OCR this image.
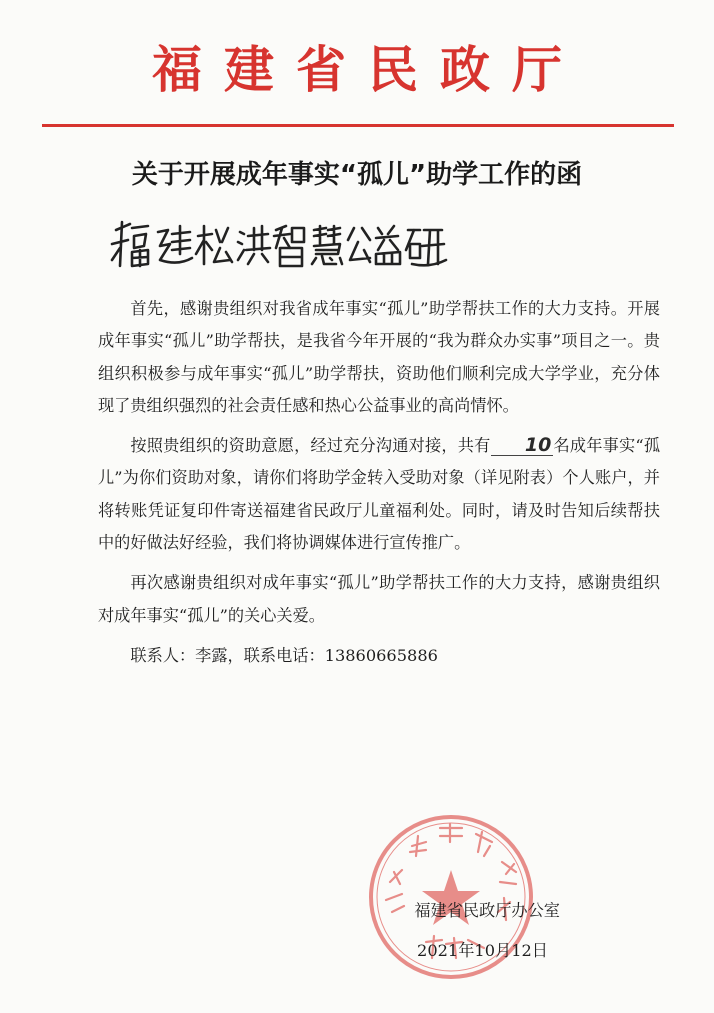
福建省民政厅
关于开展成年事实“孤儿”助学工作的函

首先，感谢贵组织对我省成年事实“孤儿”助学帮扶工作的大力支持。开展成年事实“孤儿”助学帮扶，是我省今年开展的“我为群众办实事”项目之一。贵组织积极参与成年事实“孤儿”助学帮扶，资助他们顺利完成大学学业，充分体现了贵组织强烈的社会责任感和热心公益事业的高尚情怀。

按照贵组织的资助意愿，经过充分沟通对接，共有 10 名成年事实“孤儿”为你们资助对象，请你们将助学金转入受助对象（详见附表）个人账户，并将转账凭证复印件寄送福建省民政厅儿童福利处。同时，请及时告知后续帮扶中的好做法好经验，我们将协调媒体进行宣传推广。

再次感谢贵组织对成年事实“孤儿”助学帮扶工作的大力支持，感谢贵组织对成年事实“孤儿”的关心关爱。

联系人：李露，联系电话：13860665886

福建省民政厅办公室
2021年10月12日
